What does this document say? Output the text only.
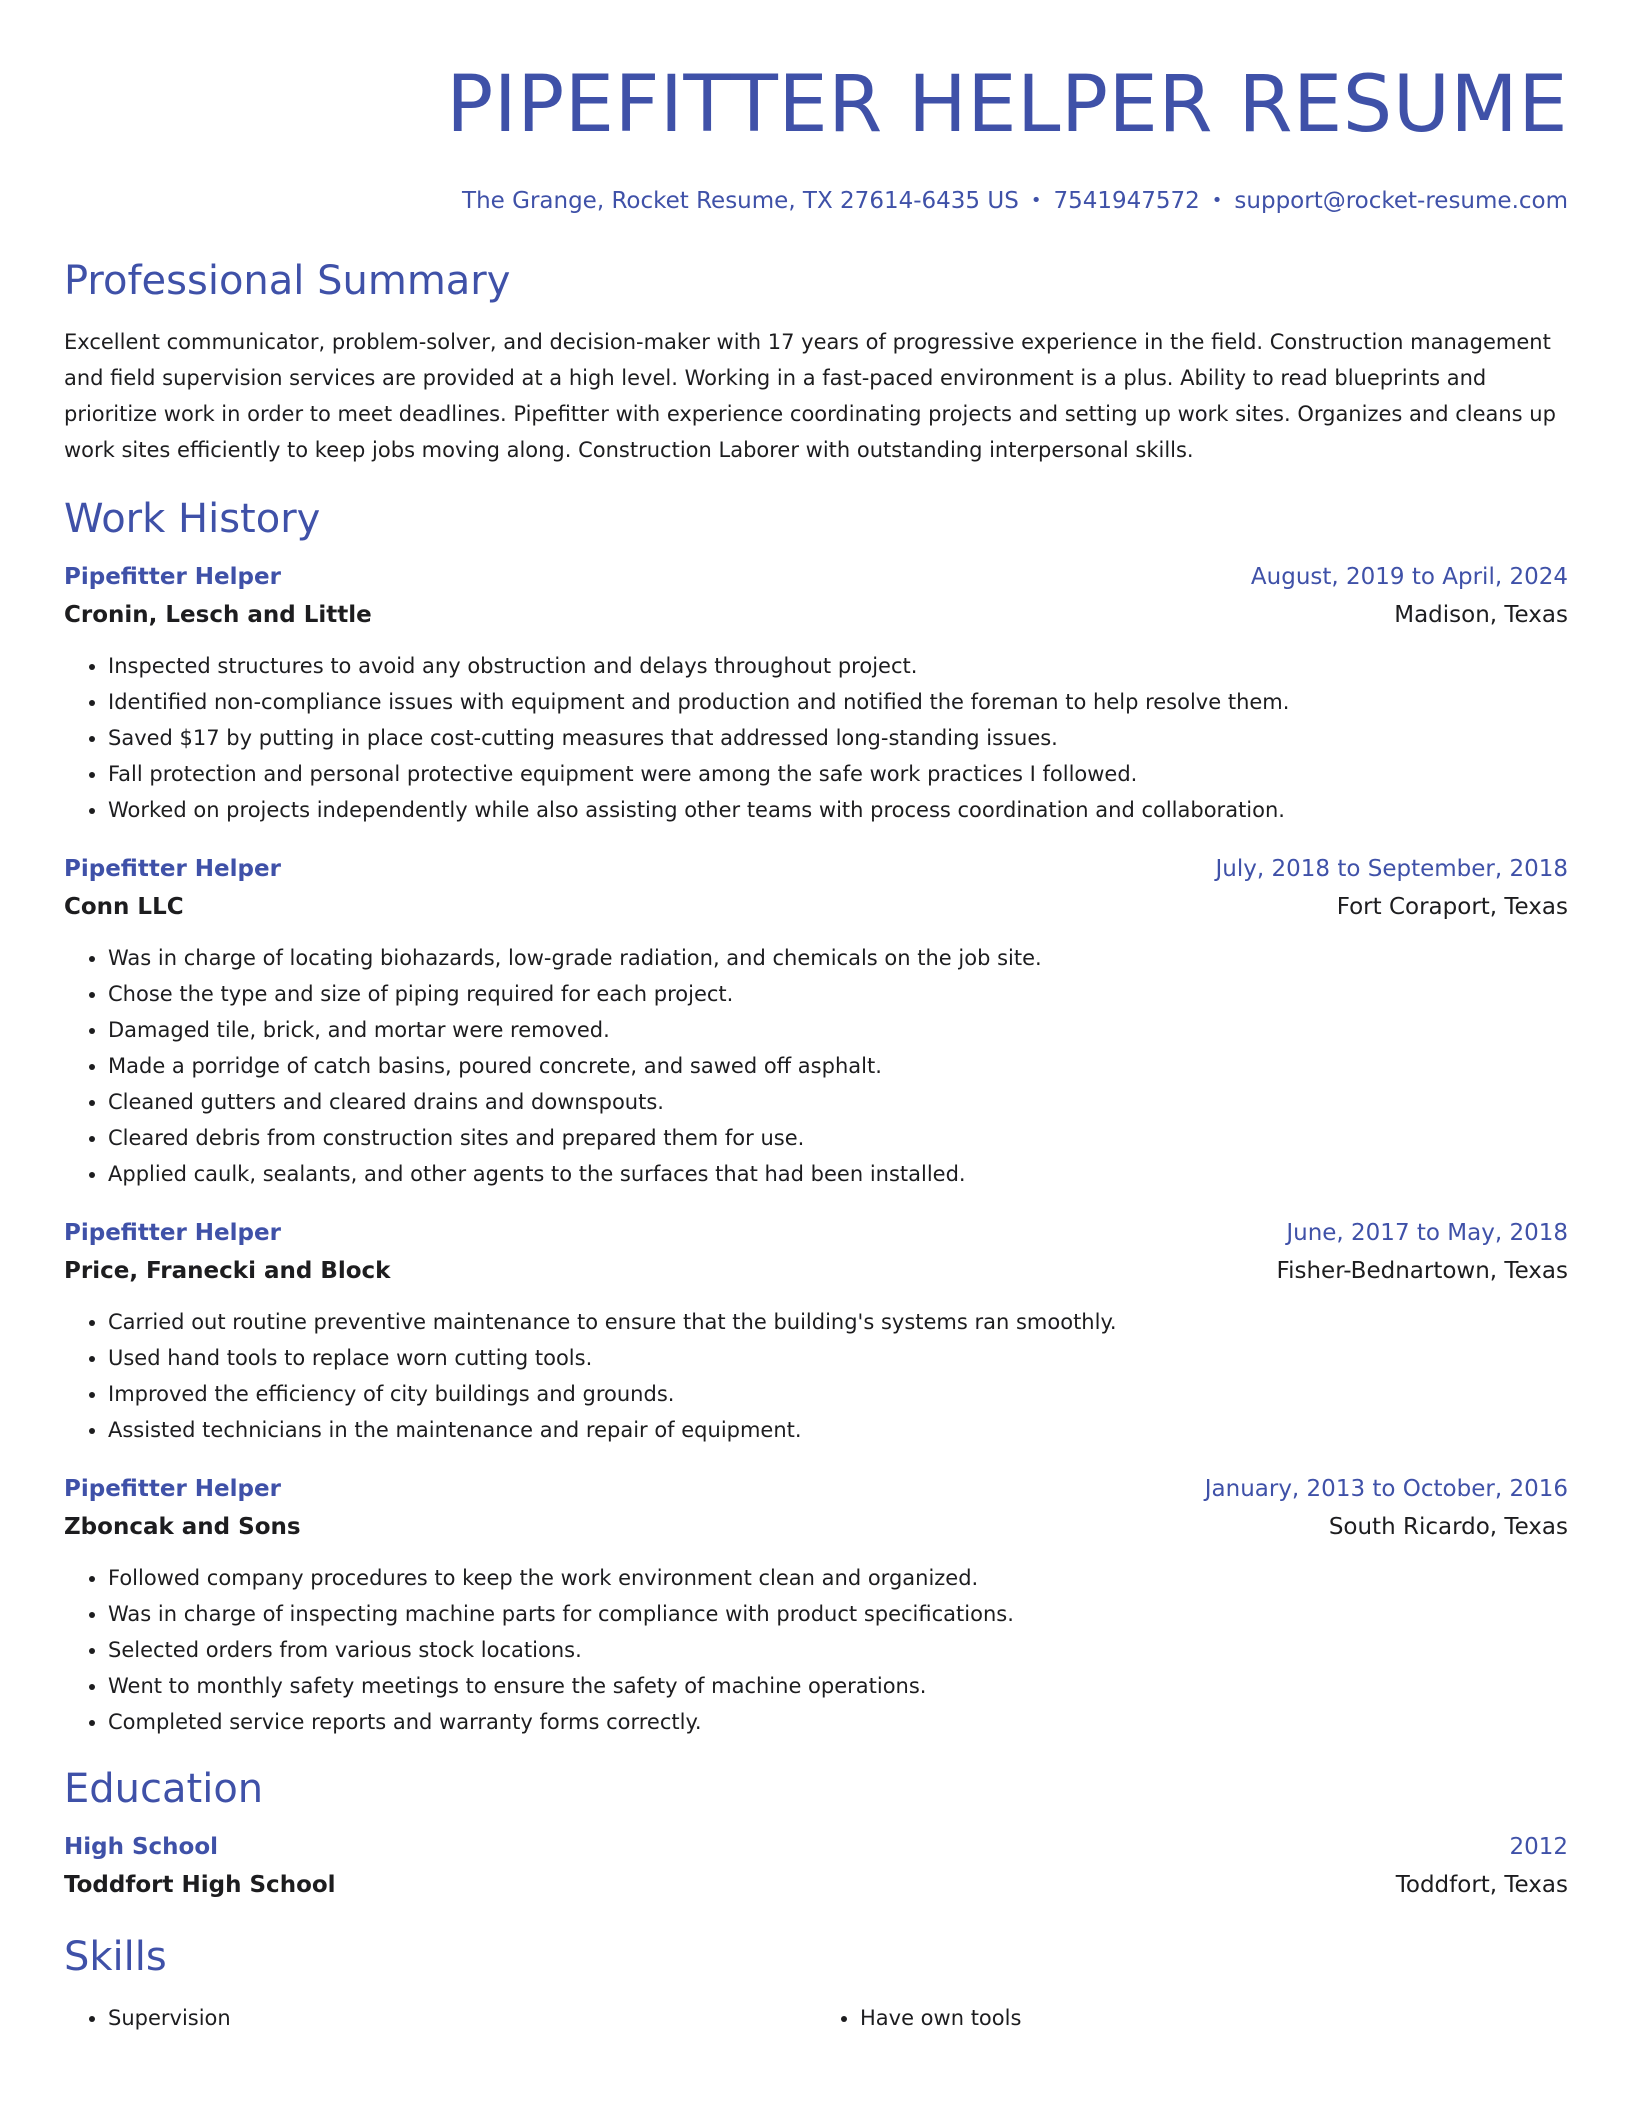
PIPEFITTER HELPER RESUME
The Grange, Rocket Resume, TX 27614-6435 US • 7541947572 • support@rocket-resume.com
Professional Summary
Excellent communicator, problem-solver, and decision-maker with 17 years of progressive experience in the field. Construction management and field supervision services are provided at a high level. Working in a fast-paced environment is a plus. Ability to read blueprints and prioritize work in order to meet deadlines. Pipefitter with experience coordinating projects and setting up work sites. Organizes and cleans up work sites efficiently to keep jobs moving along. Construction Laborer with outstanding interpersonal skills.
Work History
Pipefitter Helper	August, 2019 to April, 2024
Cronin, Lesch and Little	Madison, Texas
• Inspected structures to avoid any obstruction and delays throughout project.
• Identified non-compliance issues with equipment and production and notified the foreman to help resolve them.
• Saved $17 by putting in place cost-cutting measures that addressed long-standing issues.
• Fall protection and personal protective equipment were among the safe work practices I followed.
• Worked on projects independently while also assisting other teams with process coordination and collaboration.
Pipefitter Helper	July, 2018 to September, 2018
Conn LLC	Fort Coraport, Texas
• Was in charge of locating biohazards, low-grade radiation, and chemicals on the job site.
• Chose the type and size of piping required for each project.
• Damaged tile, brick, and mortar were removed.
• Made a porridge of catch basins, poured concrete, and sawed off asphalt.
• Cleaned gutters and cleared drains and downspouts.
• Cleared debris from construction sites and prepared them for use.
• Applied caulk, sealants, and other agents to the surfaces that had been installed.
Pipefitter Helper	June, 2017 to May, 2018
Price, Franecki and Block	Fisher-Bednartown, Texas
• Carried out routine preventive maintenance to ensure that the building's systems ran smoothly.
• Used hand tools to replace worn cutting tools.
• Improved the efficiency of city buildings and grounds.
• Assisted technicians in the maintenance and repair of equipment.
Pipefitter Helper	January, 2013 to October, 2016
Zboncak and Sons	South Ricardo, Texas
• Followed company procedures to keep the work environment clean and organized.
• Was in charge of inspecting machine parts for compliance with product specifications.
• Selected orders from various stock locations.
• Went to monthly safety meetings to ensure the safety of machine operations.
• Completed service reports and warranty forms correctly.
Education
High School	2012
Toddfort High School	Toddfort, Texas
Skills
• Supervision
•	Have own tools
